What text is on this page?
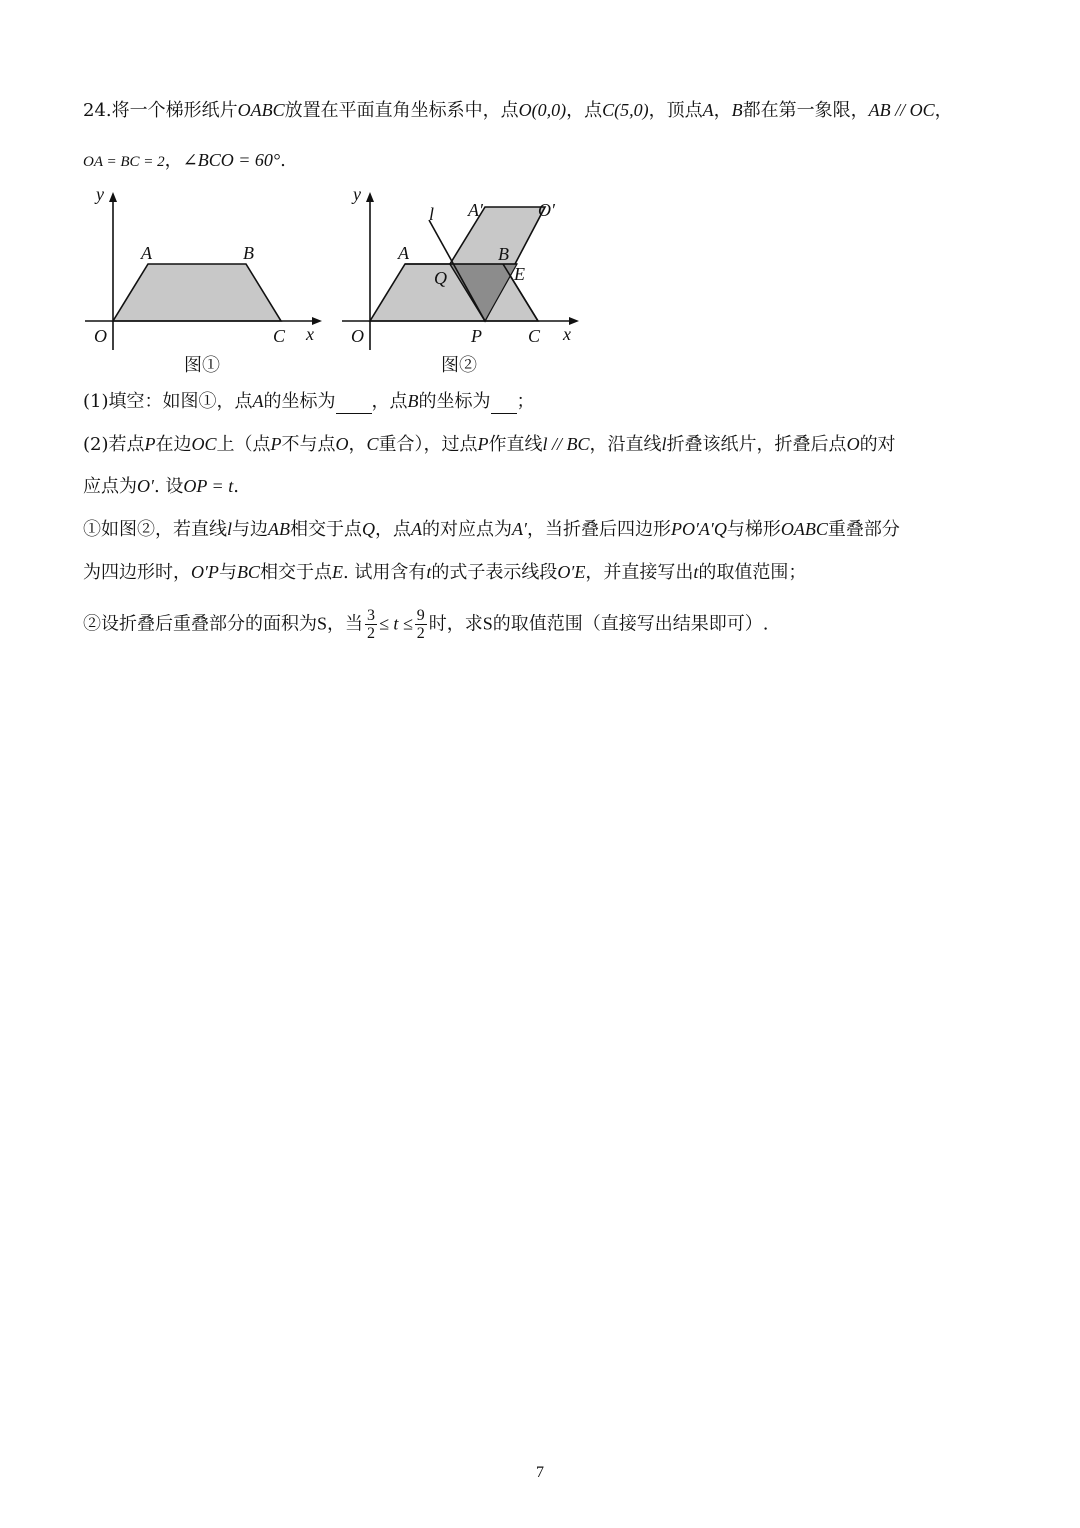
24.将一个梯形纸片OABC放置在平面直角坐标系中，点O(0,0)，点C(5,0)，顶点A，B都在第一象限，AB // OC，
OA = BC = 2，∠BCO = 60°.
y
x
O
A	B
C
图①
y
x
O
A	B
C
l A′	O′
Q	E
P
图②
(1)填空：如图①，点A的坐标为 ，点B的坐标为 ；
(2)若点P在边OC上（点P不与点O，C重合），过点P作直线l // BC，沿直线l折叠该纸片，折叠后点O的对
应点为O′. 设OP = t.
①如图②，若直线l与边AB相交于点Q，点A的对应点为A′，当折叠后四边形PO′A′Q与梯形OABC重叠部分
为四边形时，O′P与BC相交于点E. 试用含有t的式子表示线段O′E，并直接写出t的取值范围；
②设折叠后重叠部分的面积为S，当 $\frac{3}{2} \le t \le \frac{9}{2}$ 时，求S的取值范围（直接写出结果即可）.
7
